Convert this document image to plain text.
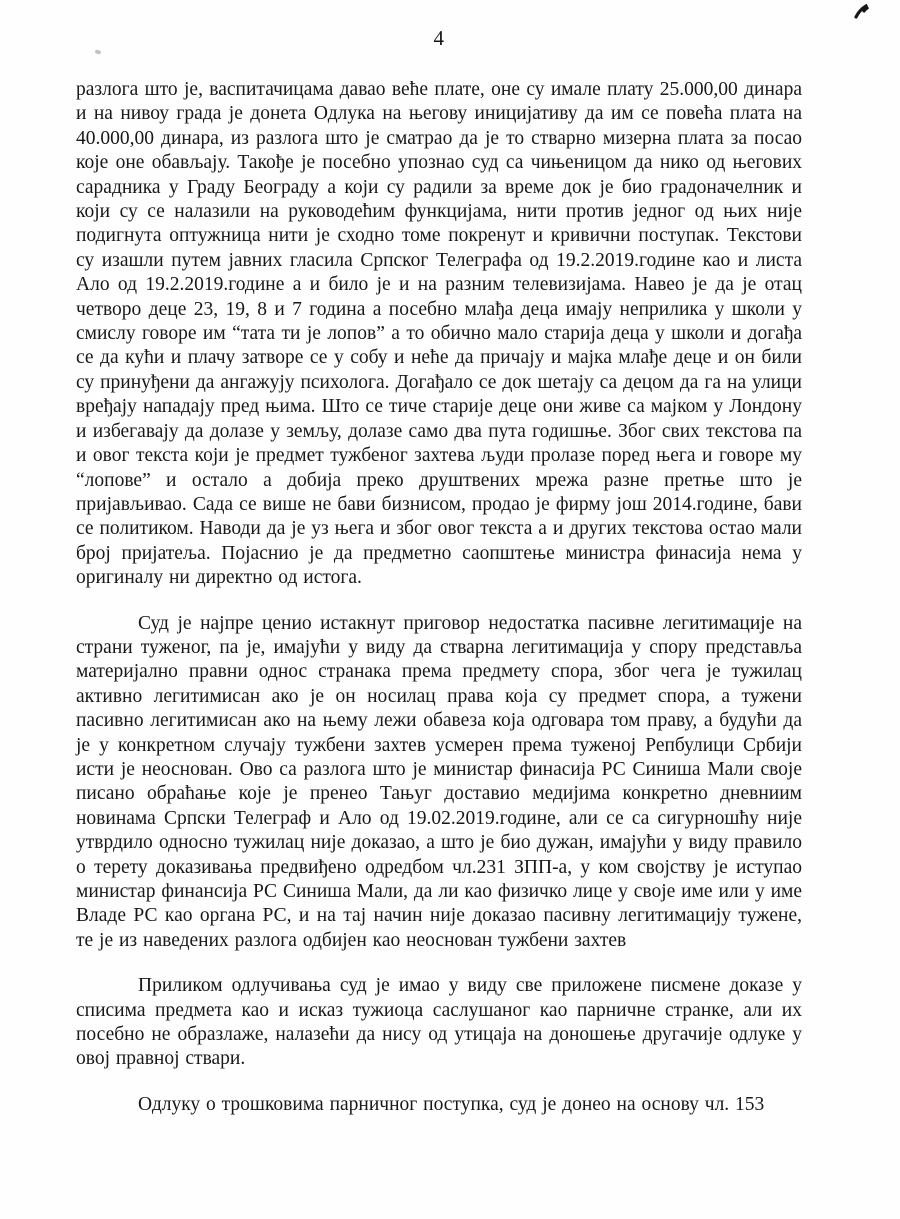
4

разлога што је, васпитачицама давао веће плате, оне су имале плату 25.000,00 динара и на нивоу града је донета Одлука на његову иницијативу да им се повећа плата на 40.000,00 динара, из разлога што је сматрао да је то стварно мизерна плата за посао које оне обављају. Такође је посебно упознао суд са чињеницом да нико од његових сарадника у Граду Београду а који су радили за време док је био градоначелник и који су се налазили на руководећим функцијама, нити против једног од њих није подигнута оптужница нити је сходно томе покренут и кривични поступак. Текстови су изашли путем јавних гласила Српског Телеграфа од 19.2.2019.године као и листа Ало од 19.2.2019.године а и било је и на разним телевизијама. Навео је да је отац четворо деце 23, 19, 8 и 7 година а посебно млађа деца имају неприлика у школи у смислу говоре им “тата ти је лопов” а то обично мало старија деца у школи и догађа се да кући и плачу затворе се у собу и неће да причају и мајка млађе деце и он били су принуђени да ангажују психолога. Догађало се док шетају са децом да га на улици вређају нападају пред њима. Што се тиче старије деце они живе са мајком у Лондону и избегавају да долазе у земљу, долазе само два пута годишње. Због свих текстова па и овог текста који је предмет тужбеног захтева људи пролазе поред њега и говоре му “лопове” и остало а добија преко друштвених мрежа разне претње што је пријављивао. Сада се више не бави бизнисом, продао је фирму још 2014.године, бави се политиком. Наводи да је уз њега и због овог текста а и других текстова остао мали број пријатеља. Појаснио је да предметно саопштење министра финасија нема у оригиналу ни директно од истога.

Суд је најпре ценио истакнут приговор недостатка пасивне легитимације на страни туженог, па је, имајући у виду да стварна легитимација у спору представља материјално правни однос странака према предмету спора, због чега је тужилац активно легитимисан ако је он носилац права која су предмет спора, а тужени пасивно легитимисан ако на њему лежи обавеза која одговара том праву, а будући да је у конкретном случају тужбени захтев усмерен према туженој Репбулици Србији исти је неоснован. Ово са разлога што је министар финасија РС Синиша Мали своје писано обраћање које је пренео Тањуг доставио медијима конкретно дневниим новинама Српски Телеграф и Ало од 19.02.2019.године, али се са сигурношћу није утврдило односно тужилац није доказао, а што је био дужан, имајући у виду правило о терету доказивања предвиђено одредбом чл.231 ЗПП-а, у ком својству је иступао министар финансија РС Синиша Мали, да ли као физичко лице у своје име или у име Владе РС као органа РС, и на тај начин није доказао пасивну легитимацију тужене, те је из наведених разлога одбијен као неоснован тужбени захтев

Приликом одлучивања суд је имао у виду све приложене писмене доказе у списима предмета као и исказ тужиоца саслушаног као парничне странке, али их посебно не образлаже, налазећи да нису од утицаја на доношење другачије одлуке у овој правној ствари.

Одлуку о трошковима парничног поступка, суд је донео на основу чл. 153
